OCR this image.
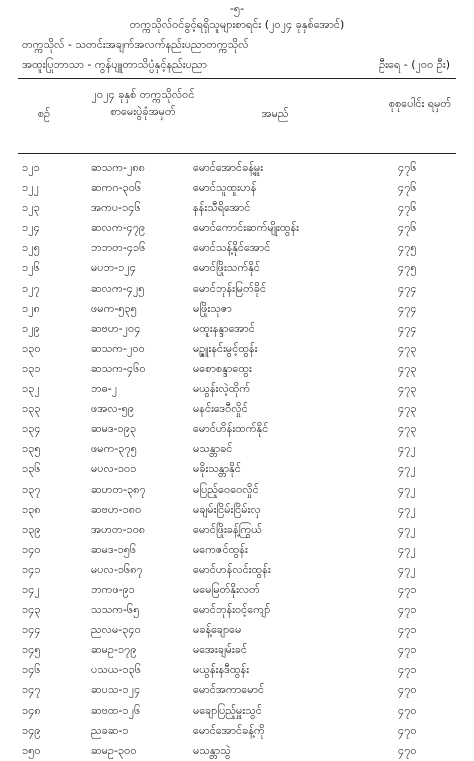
-၅-
တက္ကသိုလ်ဝင်ခွင့်ရရှိသူများစာရင်း (၂၀၂၄ ခုနှစ်အောင်)
တက္ကသိုလ် - သတင်းအချက်အလက်နည်းပညာတက္ကသိုလ်
အထူးပြုဘာသာ - ကွန်ပျူတာသိပ္ပံနှင့်နည်းပညာ	ဦးရေ - (၂၀၀ ဦး)
စဉ်
၂၀၂၄ ခုနှစ် တက္ကသိုလ်ဝင် စာမေးပွဲခုံအမှတ်	အမည်
စုစုပေါင်း ရမှတ်
၁၂၁	ဆသက-၂၈၈	မောင်အောင်ခန့်မှူး	၄၇၆
၁၂၂	ဆကဂ-၃၀၆	မောင်သူထူးဟန်	၄၇၆
၁၂၃	အကပ-၁၄၆	နန်းသီရိအောင်	၄၇၆
၁၂၄	ဆလက-၄၇၉	မောင်ကောင်းဆက်မျိုးထွန်း	၄၇၆
၁၂၅	ဘဘတ-၄၁၆	မောင်သန့်နိုင်အောင်	၄၇၅
၁၂၆	မပဘ-၁၂၄	မောင်ဖြိုးသက်နိုင်	၄၇၅
၁၂၇	ဆလက-၄၂၅	မောင်ဘုန်းမြတ်ခိုင်	၄၇၄
၁၂၈	ဖမက-၅၃၅	မဖြိုးသုဇာ	၄၇၄
၁၂၉	ဆဗဟ-၂၀၄	မထူးနန္ဒာအောင်	၄၇၄
၁၃၀	ဆသက-၂၀၀	မဉ္ဇူးနင်းမွင့်ထွန်း	၄၇၃
၁၃၁	ဆသက-၄၆၀	မစောစန္ဒာထွေး	၄၇၃
၁၃၂	ဘဓ-၂	မယွန်းလဲ့ထိုက်	၄၇၃
၁၃၃	ဖအလ-၅၉	မနင်းဒေဝီလှိုင်	၄၇၃
၁၃၄	ဆမဒ-၁၉၃	မောင်ဟိန်းထက်နိုင်	၄၇၃
၁၃၅	ဖမက-၃၇၅	မသန္တာခင်	၄၇၂
၁၃၆	မပလ-၁၀၁	မခိုးသန္တာနိုင်	၄၇၂
၁၃၇	ဆဟတ-၃၈၇	မပြည့်ဝေဝေလှိုင်	၄၇၂
၁၃၈	ဆဗဟ-၁၈၀	မချမ်းငြိမ်းငြိမ်းလှ	၄၇၂
၁၃၉	အဟတ-၁၀၈	မောင်ဖြိုးခန့်ကြွယ်	၄၇၂
၁၄၀	ဆမဒ-၁၅၆	မကေဇင်ထွန်း	၄၇၂
၁၄၁	မပလ-၁၆၈၇	မောင်ဟန်လင်းထွန်း	၄၇၂
၁၄၂	ဘကဖ-၉၁	မမေမြတ်နိုးလတ်	၄၇၁
၁၄၃	သသက-၆၅	မောင်ဘုန်းဝင့်ကျော်	၄၇၁
၁၄၄	ညလမ-၃၄၀	မခန့်ချောမေ	၄၇၁
၁၄၅	ဆမဥ-၁၇၉	မအေးချမ်းခင်	၄၇၁
၁၄၆	ပသယ-၁၃၆	မယွန်းနဒီထွန်း	၄၇၁
၁၄၇	ဆပသ-၁၂၄	မောင်အကာမောင်	၄၇၀
၁၄၈	ဆဗထ-၁၂၆	မချောပြည့်မှူးသွင်	၄၇၀
၁၄၉	ညခဆ-၁	မောင်အောင်ခန့်ကို	၄၇၀
၁၅၀	ဆမဥ-၃၀၀	မသန္တာသွဲ	၄၇၀
